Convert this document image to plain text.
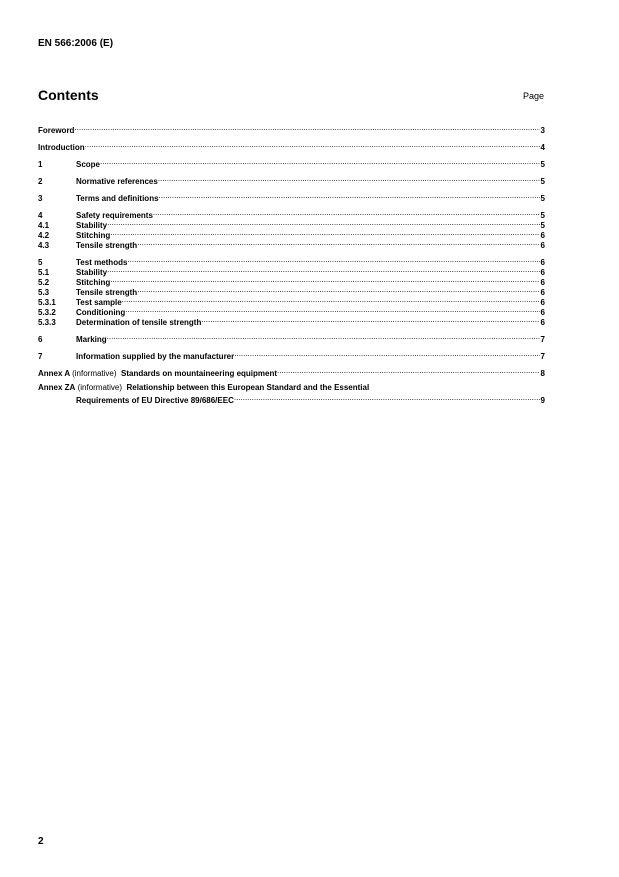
EN 566:2006 (E)
Contents	Page
Foreword .....	3
Introduction .....	4
1	Scope .....	5
2	Normative references .....	5
3	Terms and definitions .....	5
4	Safety requirements .....	5
4.1	Stability .....	5
4.2	Stitching .....	6
4.3	Tensile strength .....	6
5	Test methods .....	6
5.1	Stability .....	6
5.2	Stitching .....	6
5.3	Tensile strength .....	6
5.3.1	Test sample .....	6
5.3.2	Conditioning .....	6
5.3.3	Determination of tensile strength .....	6
6	Marking .....	7
7	Information supplied by the manufacturer .....	7
Annex A (informative) Standards on mountaineering equipment .....	8
Annex ZA
(informative)
Relationship between this European Standard and the Essential
Requirements of EU Directive 89/686/EEC .....	9
2
